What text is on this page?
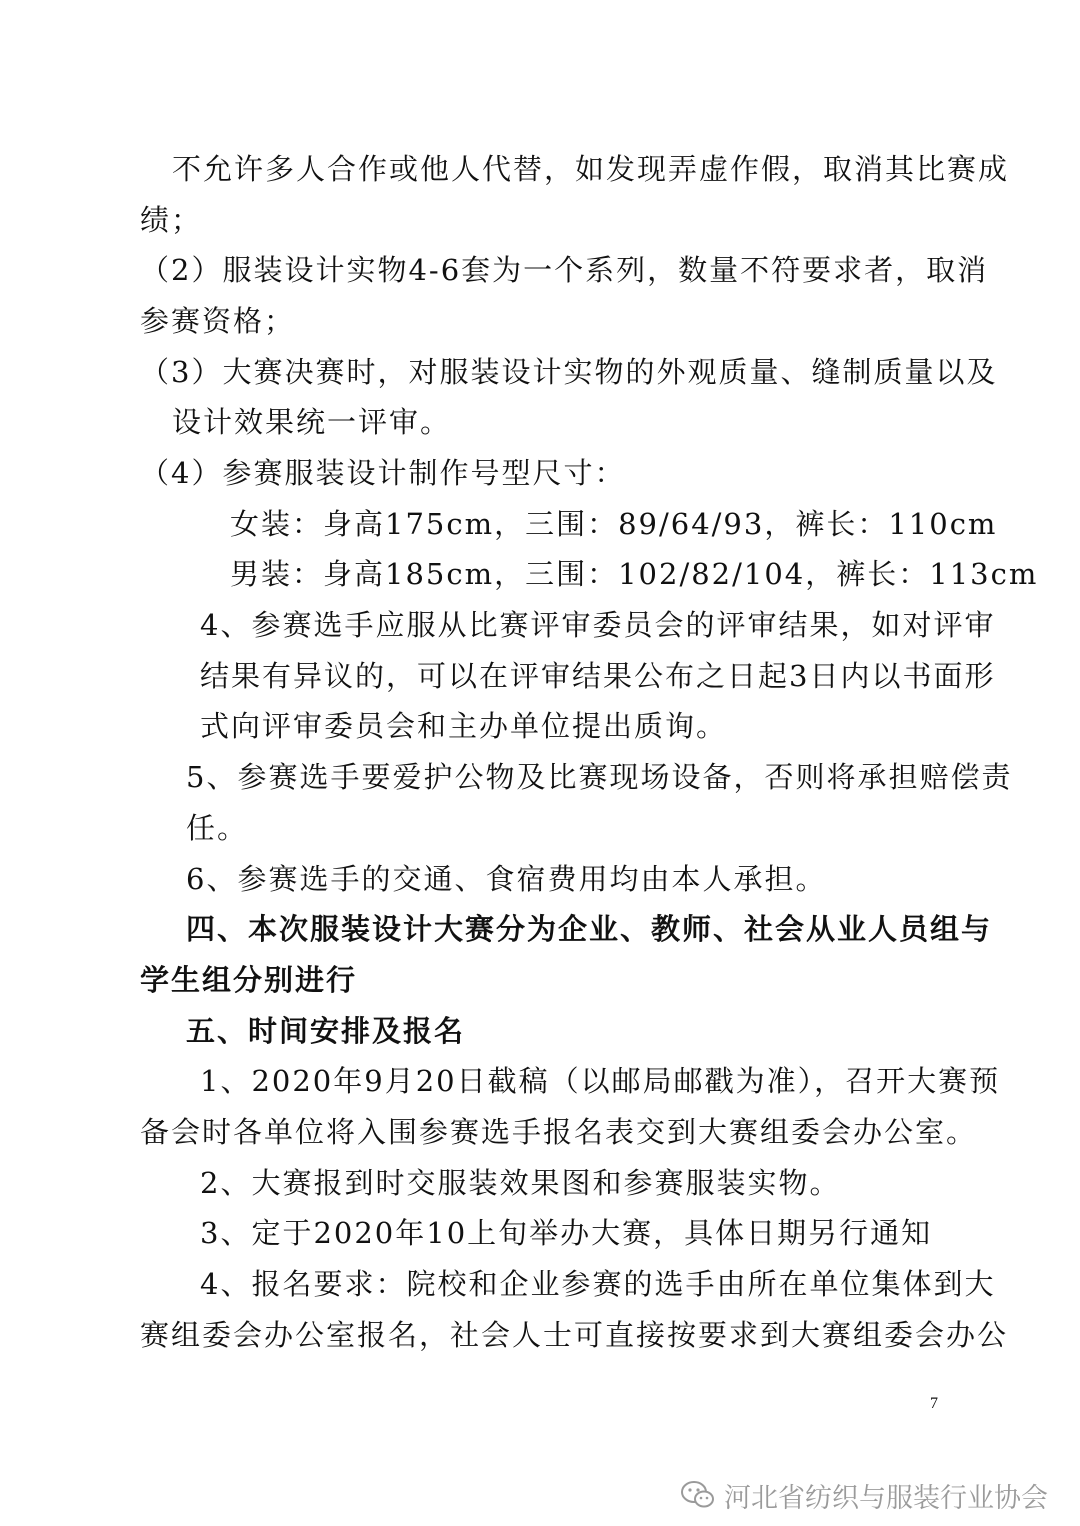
不允许多人合作或他人代替，如发现弄虚作假，取消其比赛成
绩；
（2）服装设计实物4-6套为一个系列，数量不符要求者，取消
参赛资格；
（3）大赛决赛时，对服装设计实物的外观质量、缝制质量以及
设计效果统一评审。
（4）参赛服装设计制作号型尺寸：
女装：身高175cm，三围：89/64/93，裤长：110cm
男装：身高185cm，三围：102/82/104，裤长：113cm
4、参赛选手应服从比赛评审委员会的评审结果，如对评审
结果有异议的，可以在评审结果公布之日起3日内以书面形
式向评审委员会和主办单位提出质询。
5、参赛选手要爱护公物及比赛现场设备，否则将承担赔偿责
任。
6、参赛选手的交通、食宿费用均由本人承担。
四、本次服装设计大赛分为企业、教师、社会从业人员组与
学生组分别进行
五、时间安排及报名
1、2020年9月20日截稿（以邮局邮戳为准），召开大赛预
备会时各单位将入围参赛选手报名表交到大赛组委会办公室。
2、大赛报到时交服装效果图和参赛服装实物。
3、定于2020年10上旬举办大赛，具体日期另行通知
4、报名要求：院校和企业参赛的选手由所在单位集体到大
赛组委会办公室报名，社会人士可直接按要求到大赛组委会办公
7
河北省纺织与服装行业协会
